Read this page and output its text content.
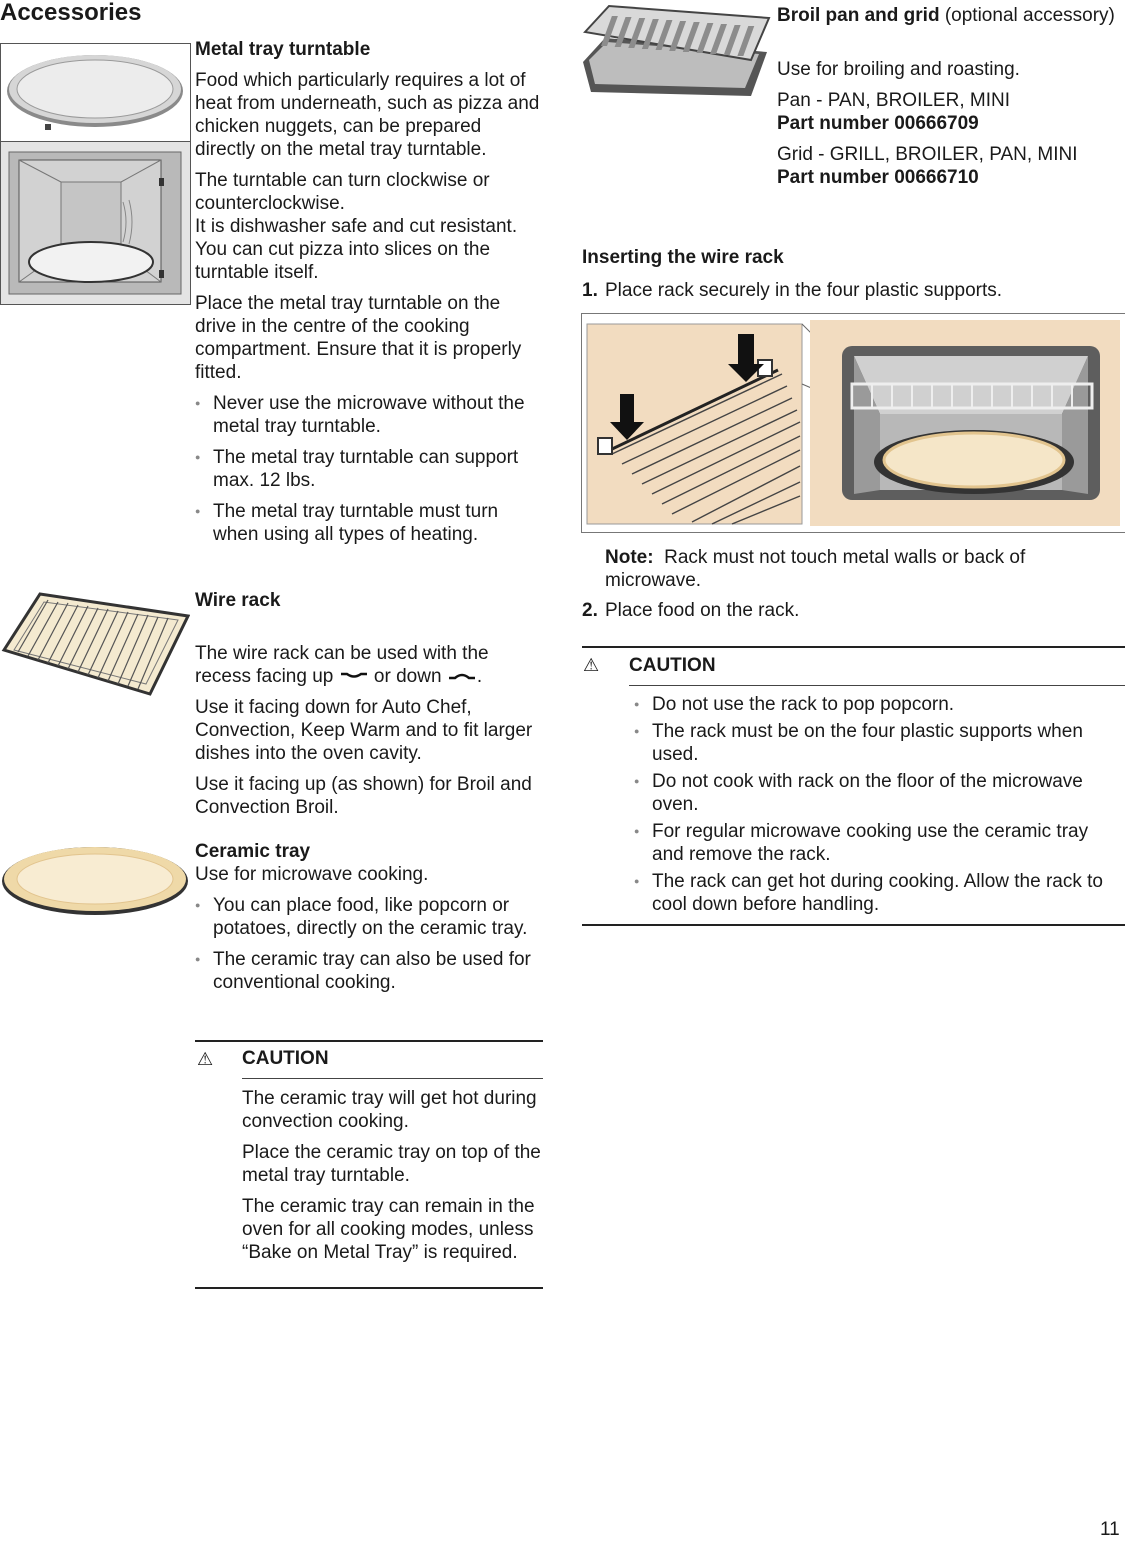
Accessories

Metal tray turntable

Food which particularly requires a lot of heat from underneath, such as pizza and chicken nuggets, can be prepared directly on the metal tray turntable.

The turntable can turn clockwise or counterclockwise.

It is dishwasher safe and cut resistant. You can cut pizza into slices on the turntable itself.

Place the metal tray turntable on the drive in the centre of the cooking compartment. Ensure that it is properly fitted.

● Never use the microwave without the metal tray turntable.
● The metal tray turntable can support max. 12 lbs.
● The metal tray turntable must turn when using all types of heating.

Wire rack

The wire rack can be used with the recess facing up or down .

Use it facing down for Auto Chef, Convection, Keep Warm and to fit larger dishes into the oven cavity.

Use it facing up (as shown) for Broil and Convection Broil.

Ceramic tray

Use for microwave cooking.

● You can place food, like popcorn or potatoes, directly on the ceramic tray.
● The ceramic tray can also be used for conventional cooking.
⚠ CAUTION

The ceramic tray will get hot during convection cooking.

Place the ceramic tray on top of the metal tray turntable.

The ceramic tray can remain in the oven for all cooking modes, unless “Bake on Metal Tray” is required.

Broil pan and grid (optional accessory)

Use for broiling and roasting.

Pan - PAN, BROILER, MINI

Part number 00666709

Grid - GRILL, BROILER, PAN, MINI

Part number 00666710

Inserting the wire rack
1. Place rack securely in the four plastic supports.

Note: Rack must not touch metal walls or back of microwave.

2. Place food on the rack.
⚠ CAUTION
● Do not use the rack to pop popcorn.
● The rack must be on the four plastic supports when used.
● Do not cook with rack on the floor of the microwave oven.
● For regular microwave cooking use the ceramic tray and remove the rack.
● The rack can get hot during cooking. Allow the rack to cool down before handling.
11
